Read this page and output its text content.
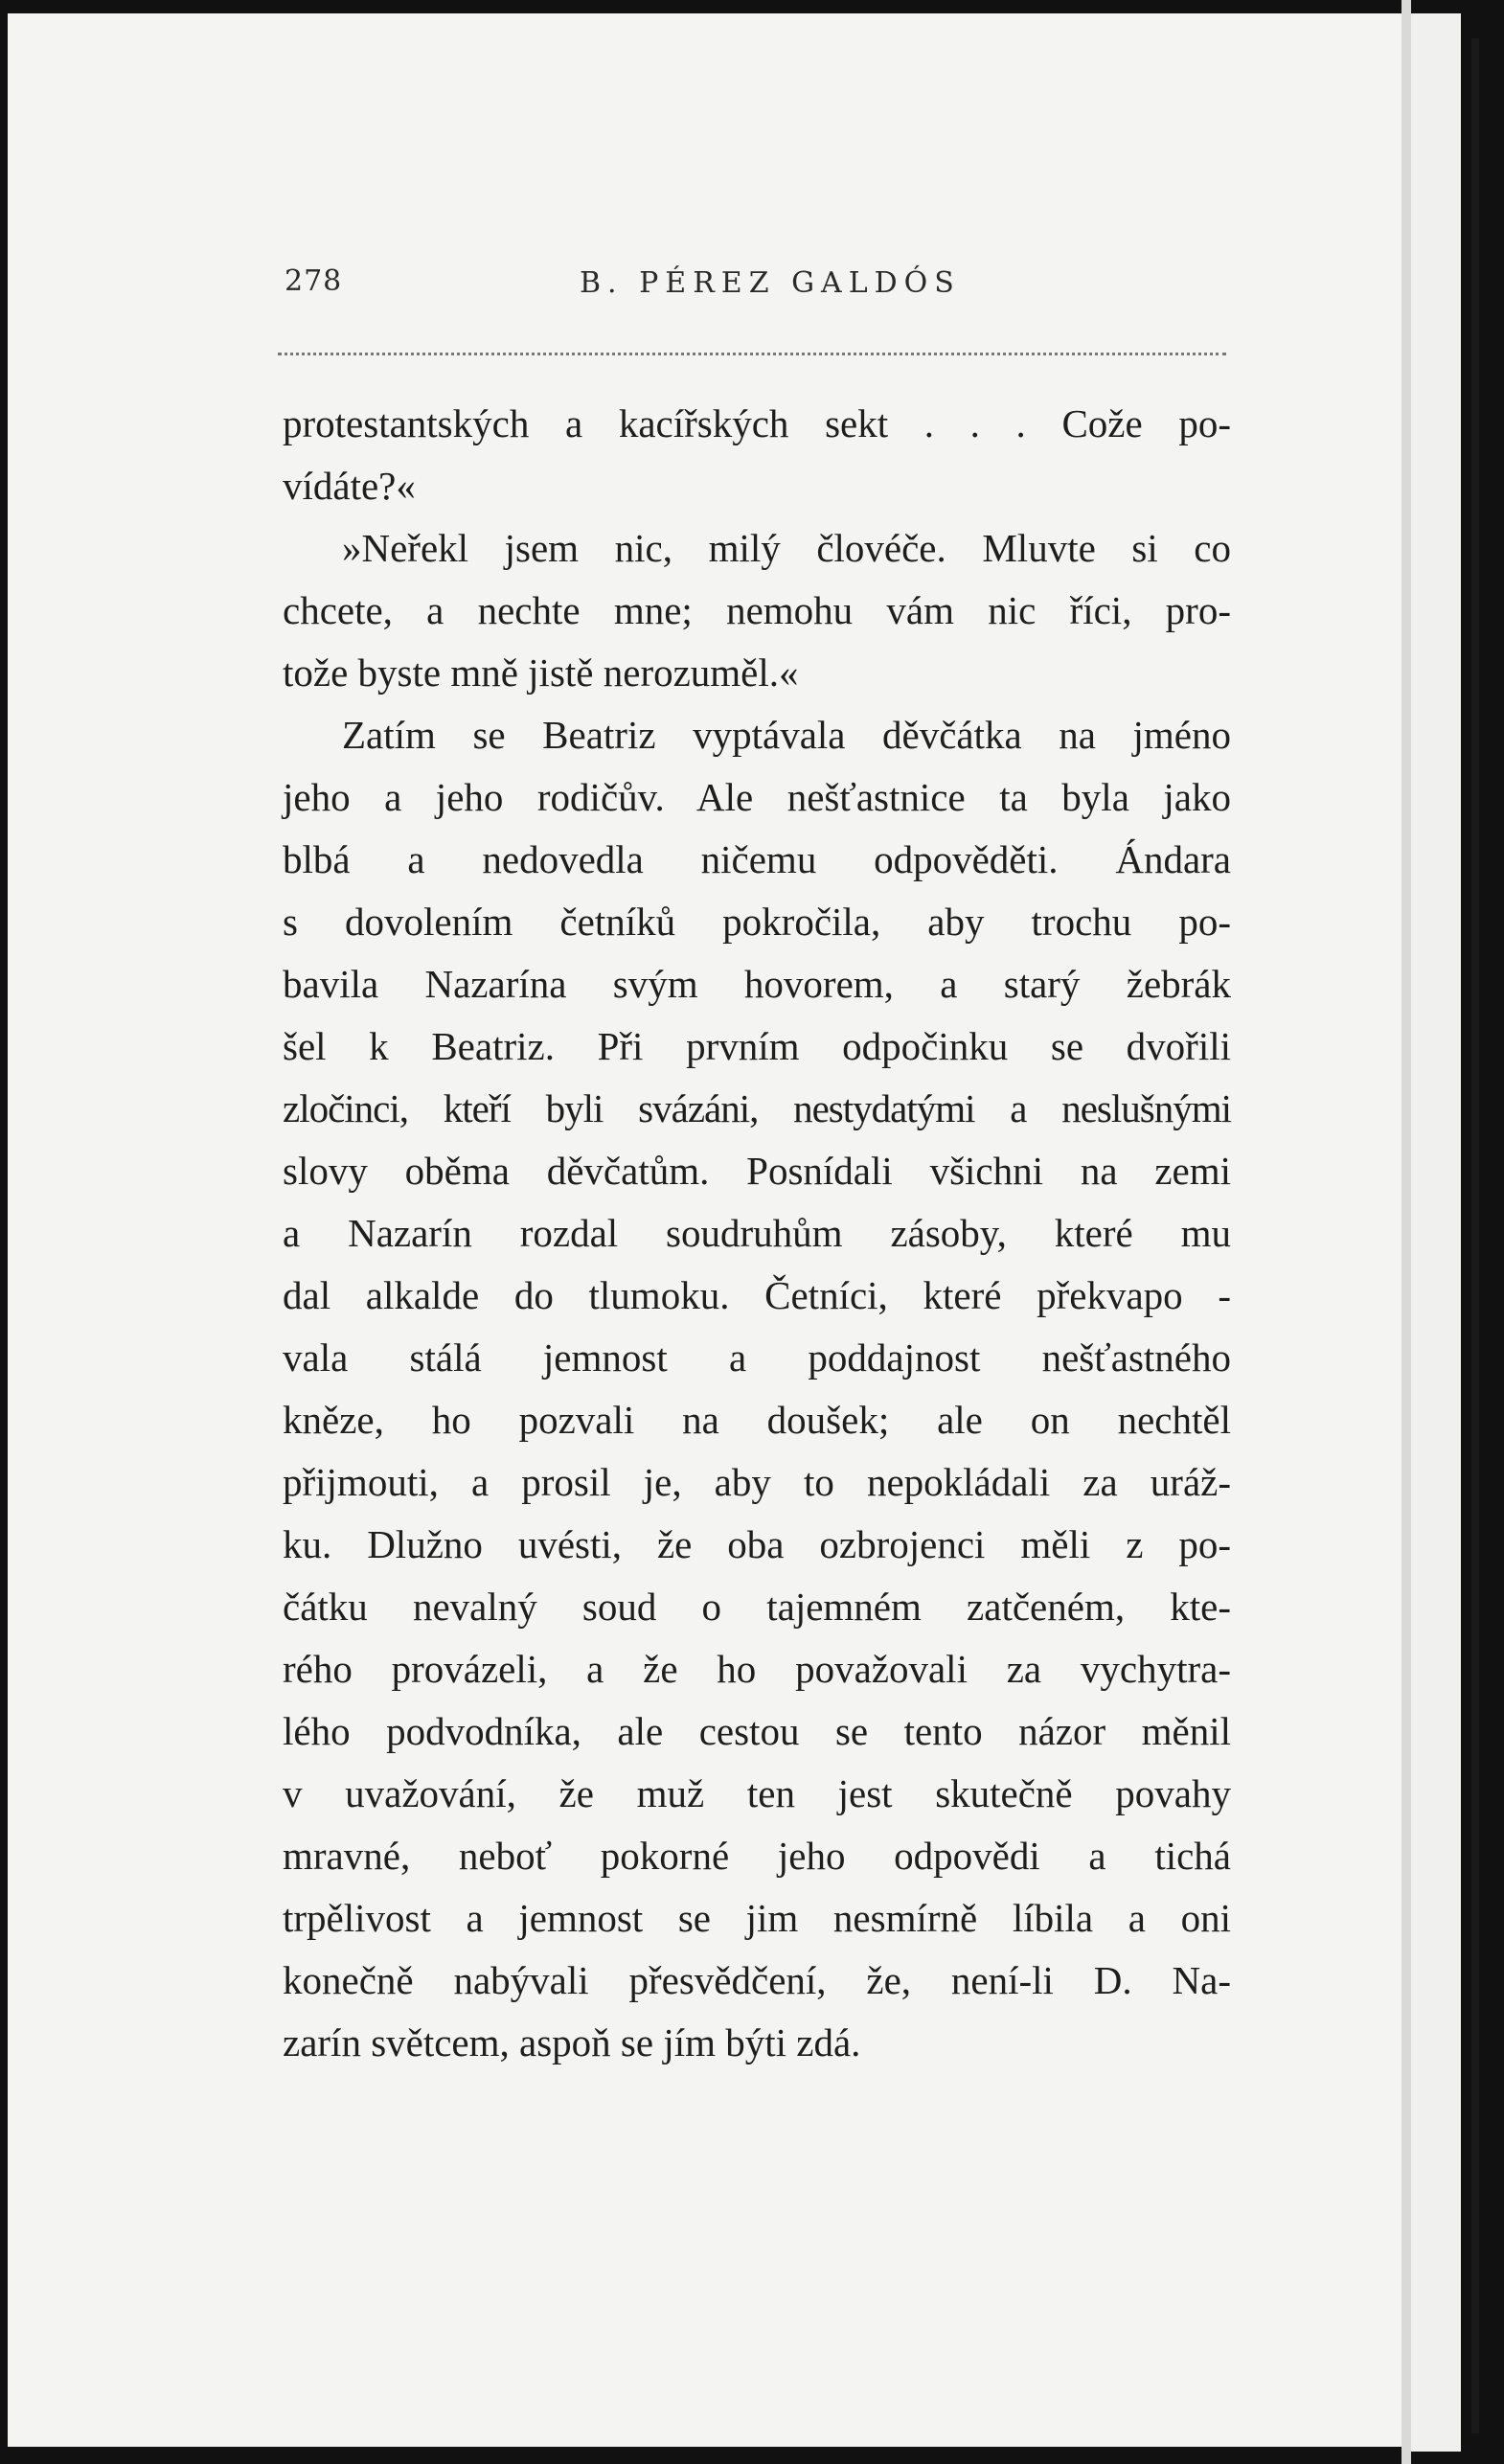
278	B. PÉREZ GALDÓS
protestantských a kacířských sekt . . . Cože po-
vídáte?«
»Neřekl jsem nic, milý človéče. Mluvte si co
chcete, a nechte mne; nemohu vám nic říci, pro-
tože byste mně jistě nerozuměl.«
Zatím se Beatriz vyptávala děvčátka na jméno
jeho a jeho rodičův. Ale nešťastnice ta byla jako
blbá a nedovedla ničemu odpověděti. Ándara
s dovolením četníků pokročila, aby trochu po-
bavila Nazarína svým hovorem, a starý žebrák
šel k Beatriz. Při prvním odpočinku se dvořili
zločinci, kteří byli svázáni, nestydatými a neslušnými
slovy oběma děvčatům. Posnídali všichni na zemi
a Nazarín rozdal soudruhům zásoby, které mu
dal alkalde do tlumoku. Četníci, které překvapo -
vala stálá jemnost a poddajnost nešťastného
kněze, ho pozvali na doušek; ale on nechtěl
přijmouti, a prosil je, aby to nepokládali za uráž-
ku. Dlužno uvésti, že oba ozbrojenci měli z po-
čátku nevalný soud o tajemném zatčeném, kte-
rého provázeli, a že ho považovali za vychytra-
lého podvodníka, ale cestou se tento názor měnil
v uvažování, že muž ten jest skutečně povahy
mravné, neboť pokorné jeho odpovědi a tichá
trpělivost a jemnost se jim nesmírně líbila a oni
konečně nabývali přesvědčení, že, není-li D. Na-
zarín světcem, aspoň se jím býti zdá.
